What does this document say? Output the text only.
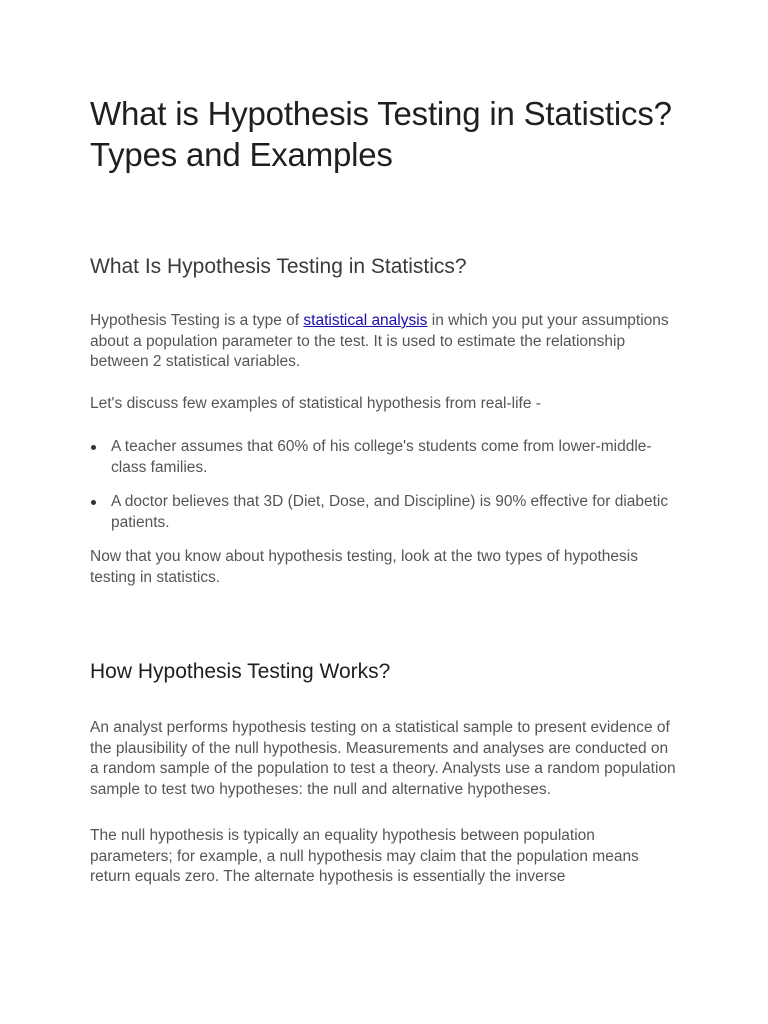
What is Hypothesis Testing in Statistics? Types and Examples
What Is Hypothesis Testing in Statistics?

Hypothesis Testing is a type of statistical analysis in which you put your assumptions about a population parameter to the test. It is used to estimate the relationship between 2 statistical variables.

Let's discuss few examples of statistical hypothesis from real-life -

A teacher assumes that 60% of his college's students come from lower-middle-class families.
A doctor believes that 3D (Diet, Dose, and Discipline) is 90% effective for diabetic patients.

Now that you know about hypothesis testing, look at the two types of hypothesis testing in statistics.

How Hypothesis Testing Works?

An analyst performs hypothesis testing on a statistical sample to present evidence of the plausibility of the null hypothesis. Measurements and analyses are conducted on a random sample of the population to test a theory. Analysts use a random population sample to test two hypotheses: the null and alternative hypotheses.

The null hypothesis is typically an equality hypothesis between population parameters; for example, a null hypothesis may claim that the population means return equals zero. The alternate hypothesis is essentially the inverse
